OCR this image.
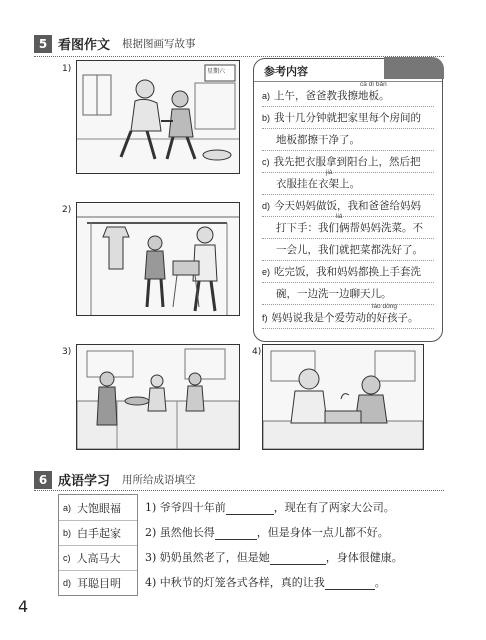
5 看图作文 根据图画写故事
1)
2)
3)	4)
星期六	参考内容
cā dì bǎn
a) 上午，爸爸教我擦地板。
b) 我十几分钟就把家里每个房间的
地板都擦干净了。
c) 我先把衣服拿到阳台上，然后把
jià
衣服挂在衣架上。
d) 今天妈妈做饭，我和爸爸给妈妈
liǎ
打下手：我们俩帮妈妈洗菜。不
一会儿，我们就把菜都洗好了。
e) 吃完饭，我和妈妈都换上手套洗
碗，一边洗一边聊天儿。
láo dòng
f) 妈妈说我是个爱劳动的好孩子。
6 成语学习 用所给成语填空
a) 大饱眼福
b) 白手起家
c) 人高马大
d) 耳聪目明
1) 爷爷四十年前	，现在有了两家大公司。
2) 虽然他长得	，但是身体一点儿都不好。
3) 奶奶虽然老了，但是她	，身体很健康。
4) 中秋节的灯笼各式各样，真的让我	。
4
